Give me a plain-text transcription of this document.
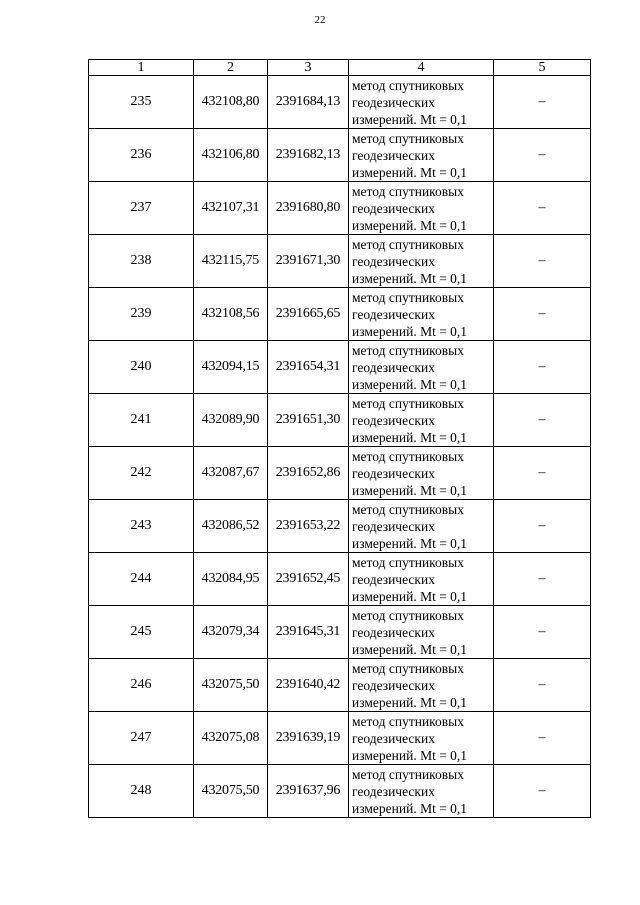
22
1	2	3	4	5
235	432108,80	2391684,13	метод спутниковых
геодезических
измерений. Mt = 0,1	–
236	432106,80	2391682,13	метод спутниковых
геодезических
измерений. Mt = 0,1	–
237	432107,31	2391680,80	метод спутниковых
геодезических
измерений. Mt = 0,1	–
238	432115,75	2391671,30	метод спутниковых
геодезических
измерений. Mt = 0,1	–
239	432108,56	2391665,65	метод спутниковых
геодезических
измерений. Mt = 0,1	–
240	432094,15	2391654,31	метод спутниковых
геодезических
измерений. Mt = 0,1	–
241	432089,90	2391651,30	метод спутниковых
геодезических
измерений. Mt = 0,1	–
242	432087,67	2391652,86	метод спутниковых
геодезических
измерений. Mt = 0,1	–
243	432086,52	2391653,22	метод спутниковых
геодезических
измерений. Mt = 0,1	–
244	432084,95	2391652,45	метод спутниковых
геодезических
измерений. Mt = 0,1	–
245	432079,34	2391645,31	метод спутниковых
геодезических
измерений. Mt = 0,1	–
246	432075,50	2391640,42	метод спутниковых
геодезических
измерений. Mt = 0,1	–
247	432075,08	2391639,19	метод спутниковых
геодезических
измерений. Mt = 0,1	–
248	432075,50	2391637,96	метод спутниковых
геодезических
измерений. Mt = 0,1	–
